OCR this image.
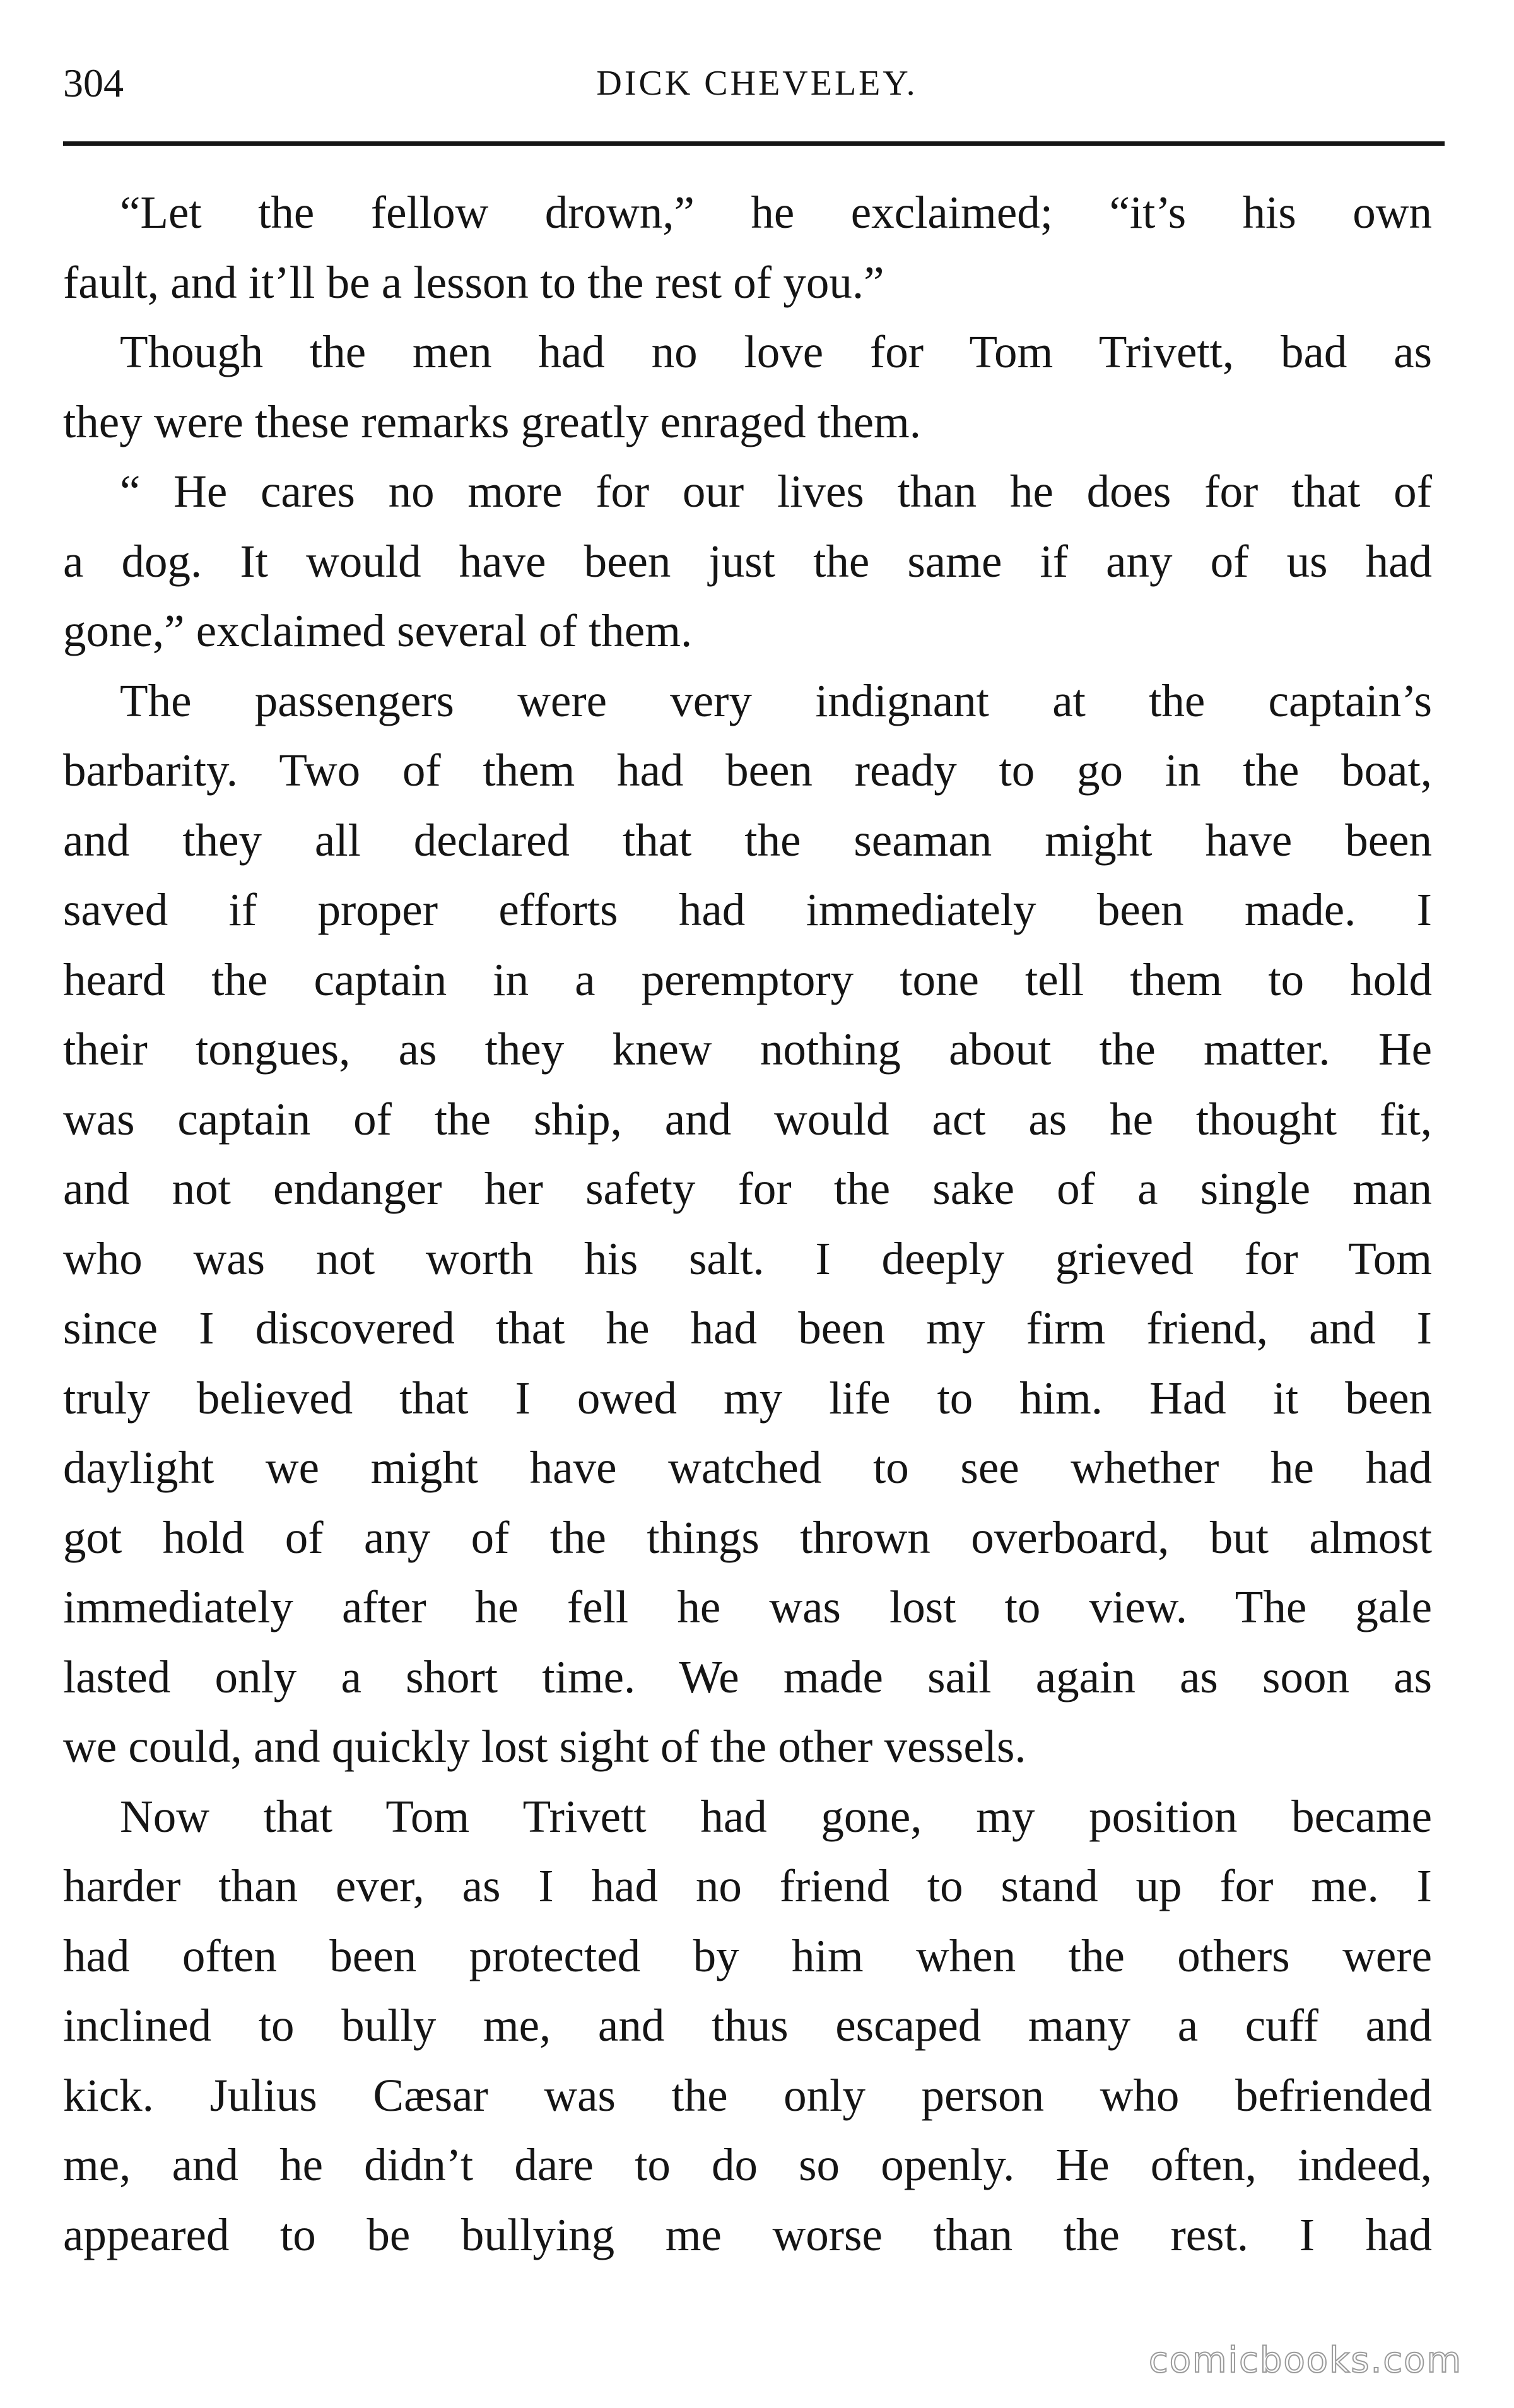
304	DICK CHEVELEY.
“Let the fellow drown,” he exclaimed; “it’s his own
fault, and it’ll be a lesson to the rest of you.”
Though the men had no love for Tom Trivett, bad as
they were these remarks greatly enraged them.
“ He cares no more for our lives than he does for that of
a dog. It would have been just the same if any of us had
gone,” exclaimed several of them.
The passengers were very indignant at the captain’s
barbarity. Two of them had been ready to go in the boat,
and they all declared that the seaman might have been
saved if proper efforts had immediately been made. I
heard the captain in a peremptory tone tell them to hold
their tongues, as they knew nothing about the matter. He
was captain of the ship, and would act as he thought fit,
and not endanger her safety for the sake of a single man
who was not worth his salt. I deeply grieved for Tom
since I discovered that he had been my firm friend, and I
truly believed that I owed my life to him. Had it been
daylight we might have watched to see whether he had
got hold of any of the things thrown overboard, but almost
immediately after he fell he was lost to view. The gale
lasted only a short time. We made sail again as soon as
we could, and quickly lost sight of the other vessels.
Now that Tom Trivett had gone, my position became
harder than ever, as I had no friend to stand up for me. I
had often been protected by him when the others were
inclined to bully me, and thus escaped many a cuff and
kick. Julius Cæsar was the only person who befriended
me, and he didn’t dare to do so openly. He often, indeed,
appeared to be bullying me worse than the rest. I had
comicbooks.com
